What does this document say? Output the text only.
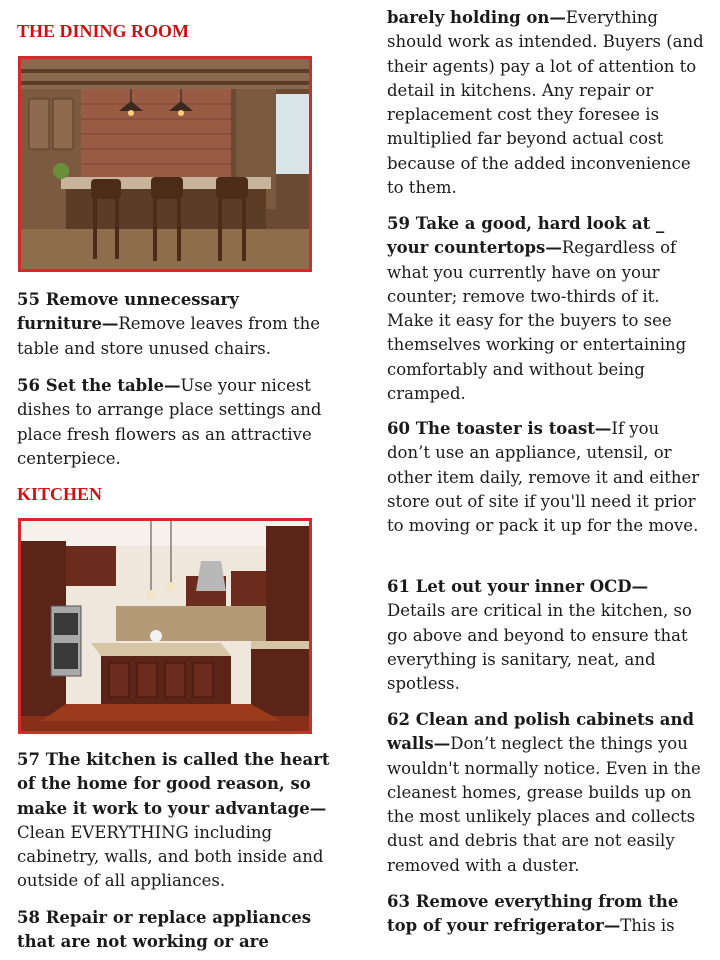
THE DINING ROOM

55 Remove unnecessary furniture—Remove leaves from the table and store unused chairs.

56 Set the table—Use your nicest dishes to arrange place settings and place fresh flowers as an attractive centerpiece.

KITCHEN

57 The kitchen is called the heart of the home for good reason, so make it work to your advantage—Clean EVERYTHING including cabinetry, walls, and both inside and outside of all appliances.

58 Repair or replace appliances that are not working or are

barely holding on—Everything should work as intended. Buyers (and their agents) pay a lot of attention to detail in kitchens. Any repair or replacement cost they foresee is multiplied far beyond actual cost because of the added inconvenience to them.

59 Take a good, hard look at _ your countertops—Regardless of what you currently have on your counter; remove two-thirds of it. Make it easy for the buyers to see themselves working or entertaining comfortably and without being cramped.

60 The toaster is toast—If you don’t use an appliance, utensil, or other item daily, remove it and either store out of site if you'll need it prior to moving or pack it up for the move.

61 Let out your inner OCD—Details are critical in the kitchen, so go above and beyond to ensure that everything is sanitary, neat, and spotless.

62 Clean and polish cabinets and walls—Don’t neglect the things you wouldn't normally notice. Even in the cleanest homes, grease builds up on the most unlikely places and collects dust and debris that are not easily removed with a duster.

63 Remove everything from the top of your refrigerator—This is
